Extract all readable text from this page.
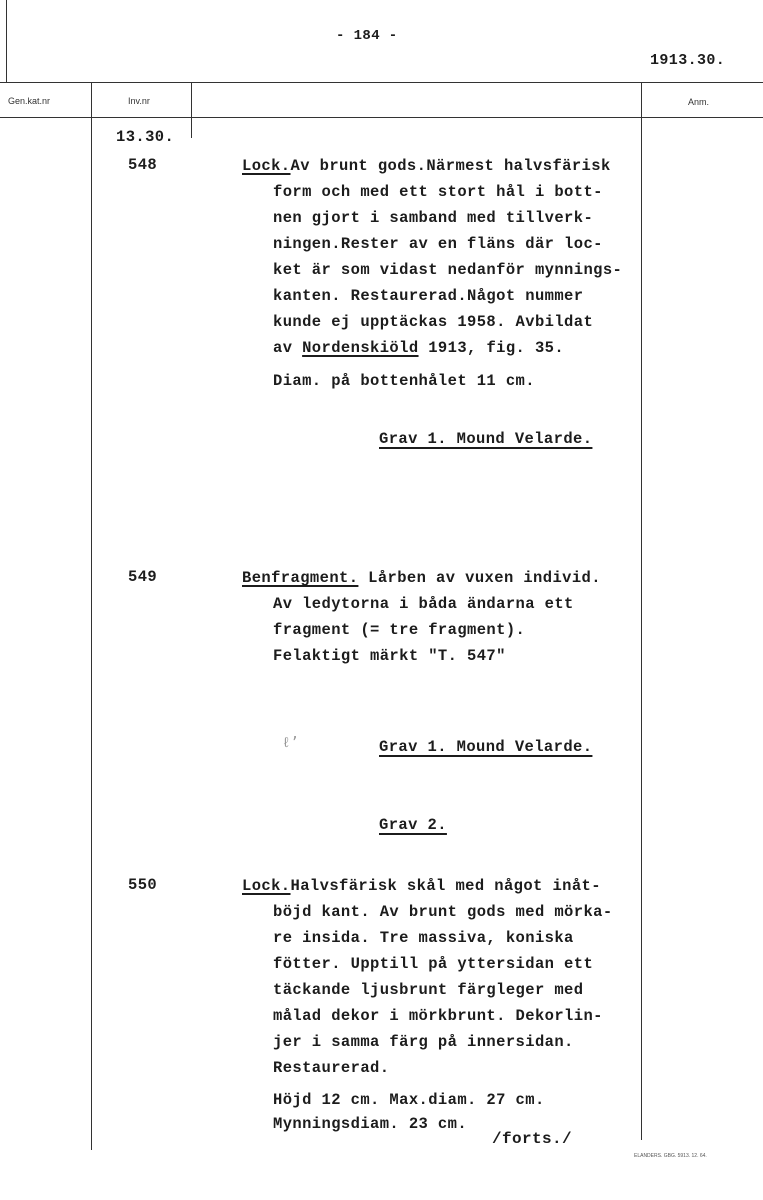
- 184 -
1913.30.
Gen.kat.nr	Inv.nr	Anm.
13.30.
548	Lock.Av brunt gods.Närmest halvsfärisk
form och med ett stort hål i bott-
nen gjort i samband med tillverk-
ningen.Rester av en fläns där loc-
ket är som vidast nedanför mynnings-
kanten. Restaurerad.Något nummer
kunde ej upptäckas 1958. Avbildat
av Nordenskiöld 1913, fig. 35.
Diam. på bottenhålet 11 cm.
Grav 1. Mound Velarde.
549	Benfragment. Lårben av vuxen individ.
Av ledytorna i båda ändarna ett
fragment (= tre fragment).
Felaktigt märkt "T. 547"
ℓ’	Grav 1. Mound Velarde.
Grav 2.
550	Lock.Halvsfärisk skål med något inåt-
böjd kant. Av brunt gods med mörka-
re insida. Tre massiva, koniska
fötter. Upptill på yttersidan ett
täckande ljusbrunt färgleger med
målad dekor i mörkbrunt. Dekorlin-
jer i samma färg på innersidan.
Restaurerad.
Höjd 12 cm. Max.diam. 27 cm.
Mynningsdiam. 23 cm.
/forts./
ELANDERS. GBG. 5913. 12. 64.
